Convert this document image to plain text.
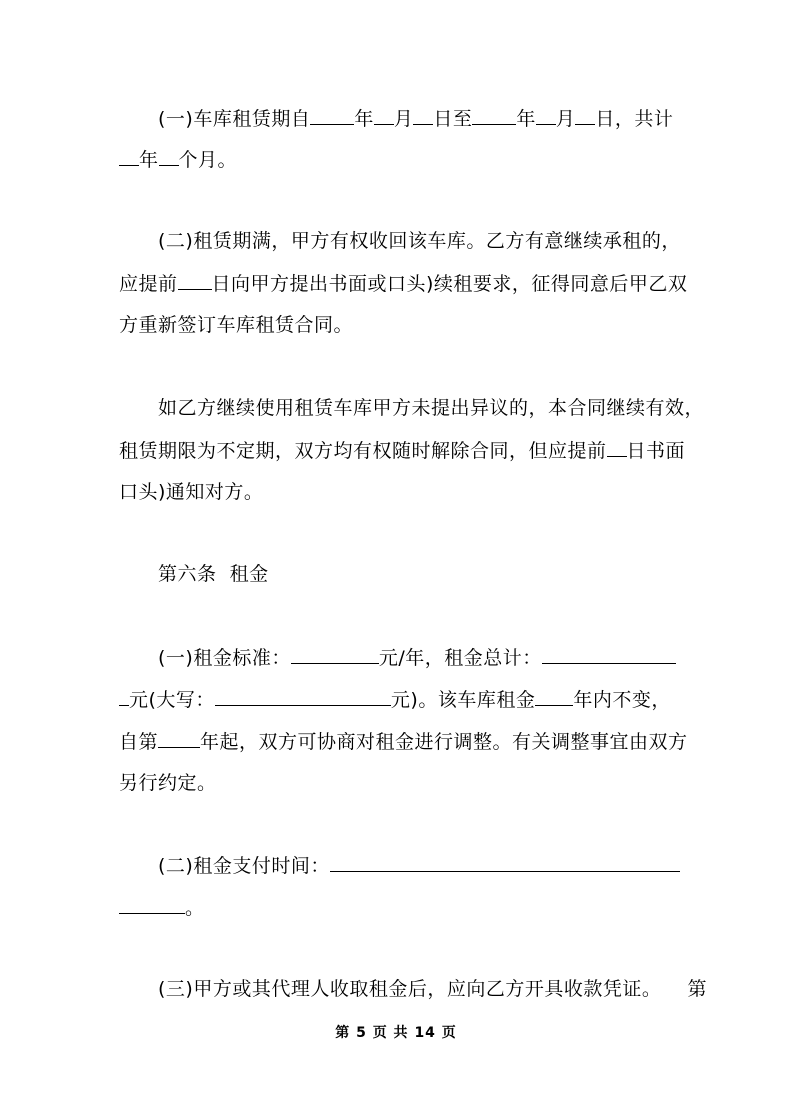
(一)车库租赁期自 年 月 日至 年 月 日，共计

年 个月。

(二)租赁期满，甲方有权收回该车库。乙方有意继续承租的，

应提前 日向甲方提出书面或口头)续租要求，征得同意后甲乙双

方重新签订车库租赁合同。

如乙方继续使用租赁车库甲方未提出异议的，本合同继续有效，

租赁期限为不定期，双方均有权随时解除合同，但应提前 日书面

口头)通知对方。

第六条  租金

(一)租金标准：	元/年，租金总计：

元(大写：	元)。该车库租金 年内不变，

自第 年起，双方可协商对租金进行调整。有关调整事宜由双方

另行约定。

(二)租金支付时间：

。

(三)甲方或其代理人收取租金后，应向乙方开具收款凭证。    第

第 5 页 共 14 页
